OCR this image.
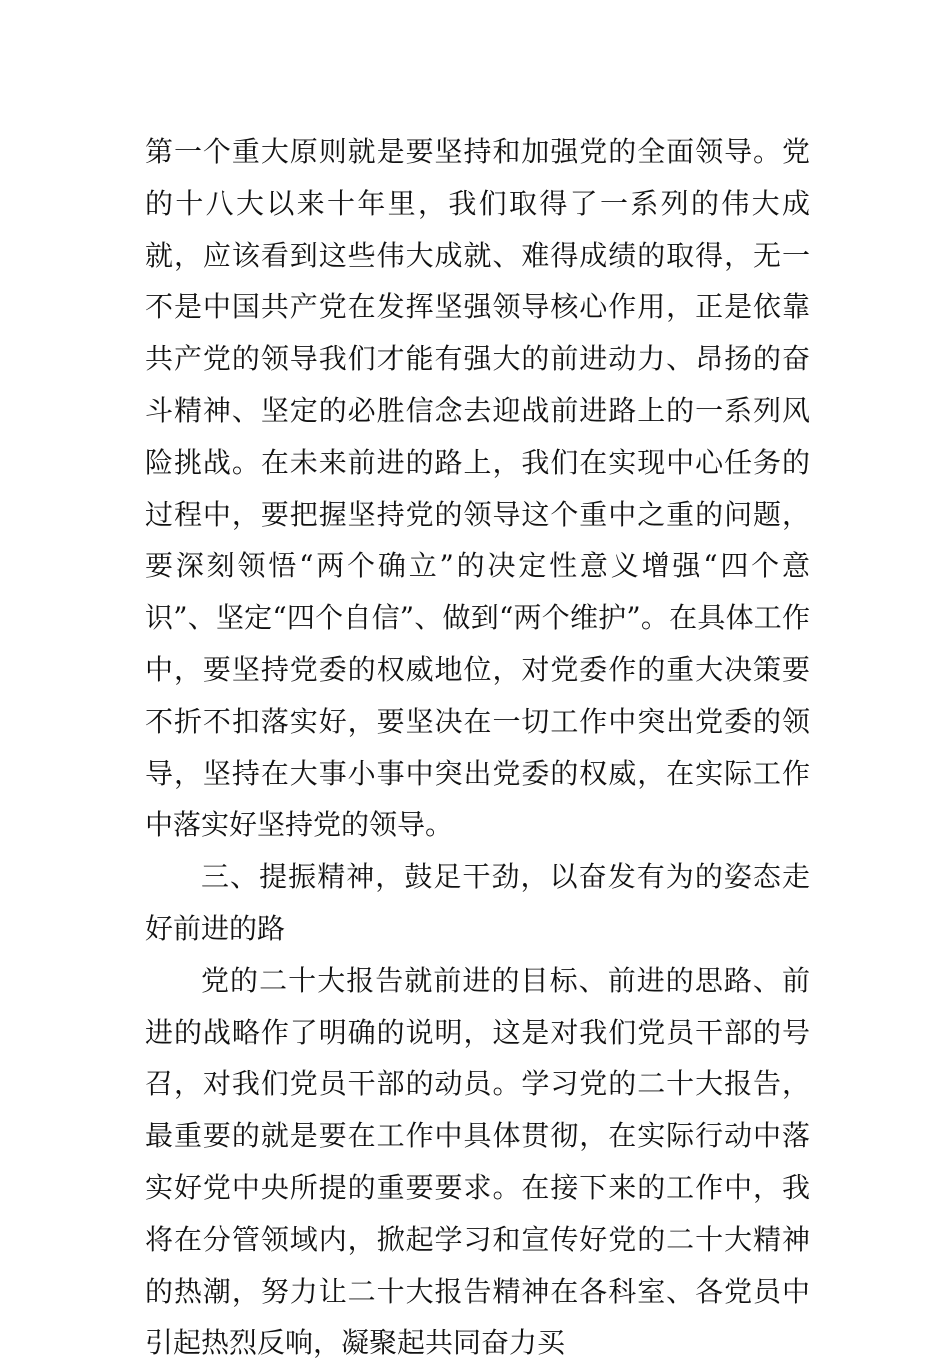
第一个重大原则就是要坚持和加强党的全面领导。党的十八大以来十年里，我们取得了一系列的伟大成就，应该看到这些伟大成就、难得成绩的取得，无一不是中国共产党在发挥坚强领导核心作用，正是依靠共产党的领导我们才能有强大的前进动力、昂扬的奋斗精神、坚定的必胜信念去迎战前进路上的一系列风险挑战。在未来前进的路上，我们在实现中心任务的过程中，要把握坚持党的领导这个重中之重的问题，要深刻领悟“两个确立”的决定性意义增强“四个意识”、坚定“四个自信”、做到“两个维护”。在具体工作中，要坚持党委的权威地位，对党委作的重大决策要不折不扣落实好，要坚决在一切工作中突出党委的领导，坚持在大事小事中突出党委的权威，在实际工作中落实好坚持党的领导。

三、提振精神，鼓足干劲，以奋发有为的姿态走好前进的路

党的二十大报告就前进的目标、前进的思路、前进的战略作了明确的说明，这是对我们党员干部的号召，对我们党员干部的动员。学习党的二十大报告，最重要的就是要在工作中具体贯彻，在实际行动中落实好党中央所提的重要要求。在接下来的工作中，我将在分管领域内，掀起学习和宣传好党的二十大精神的热潮，努力让二十大报告精神在各科室、各党员中引起热烈反响，凝聚起共同奋力买
